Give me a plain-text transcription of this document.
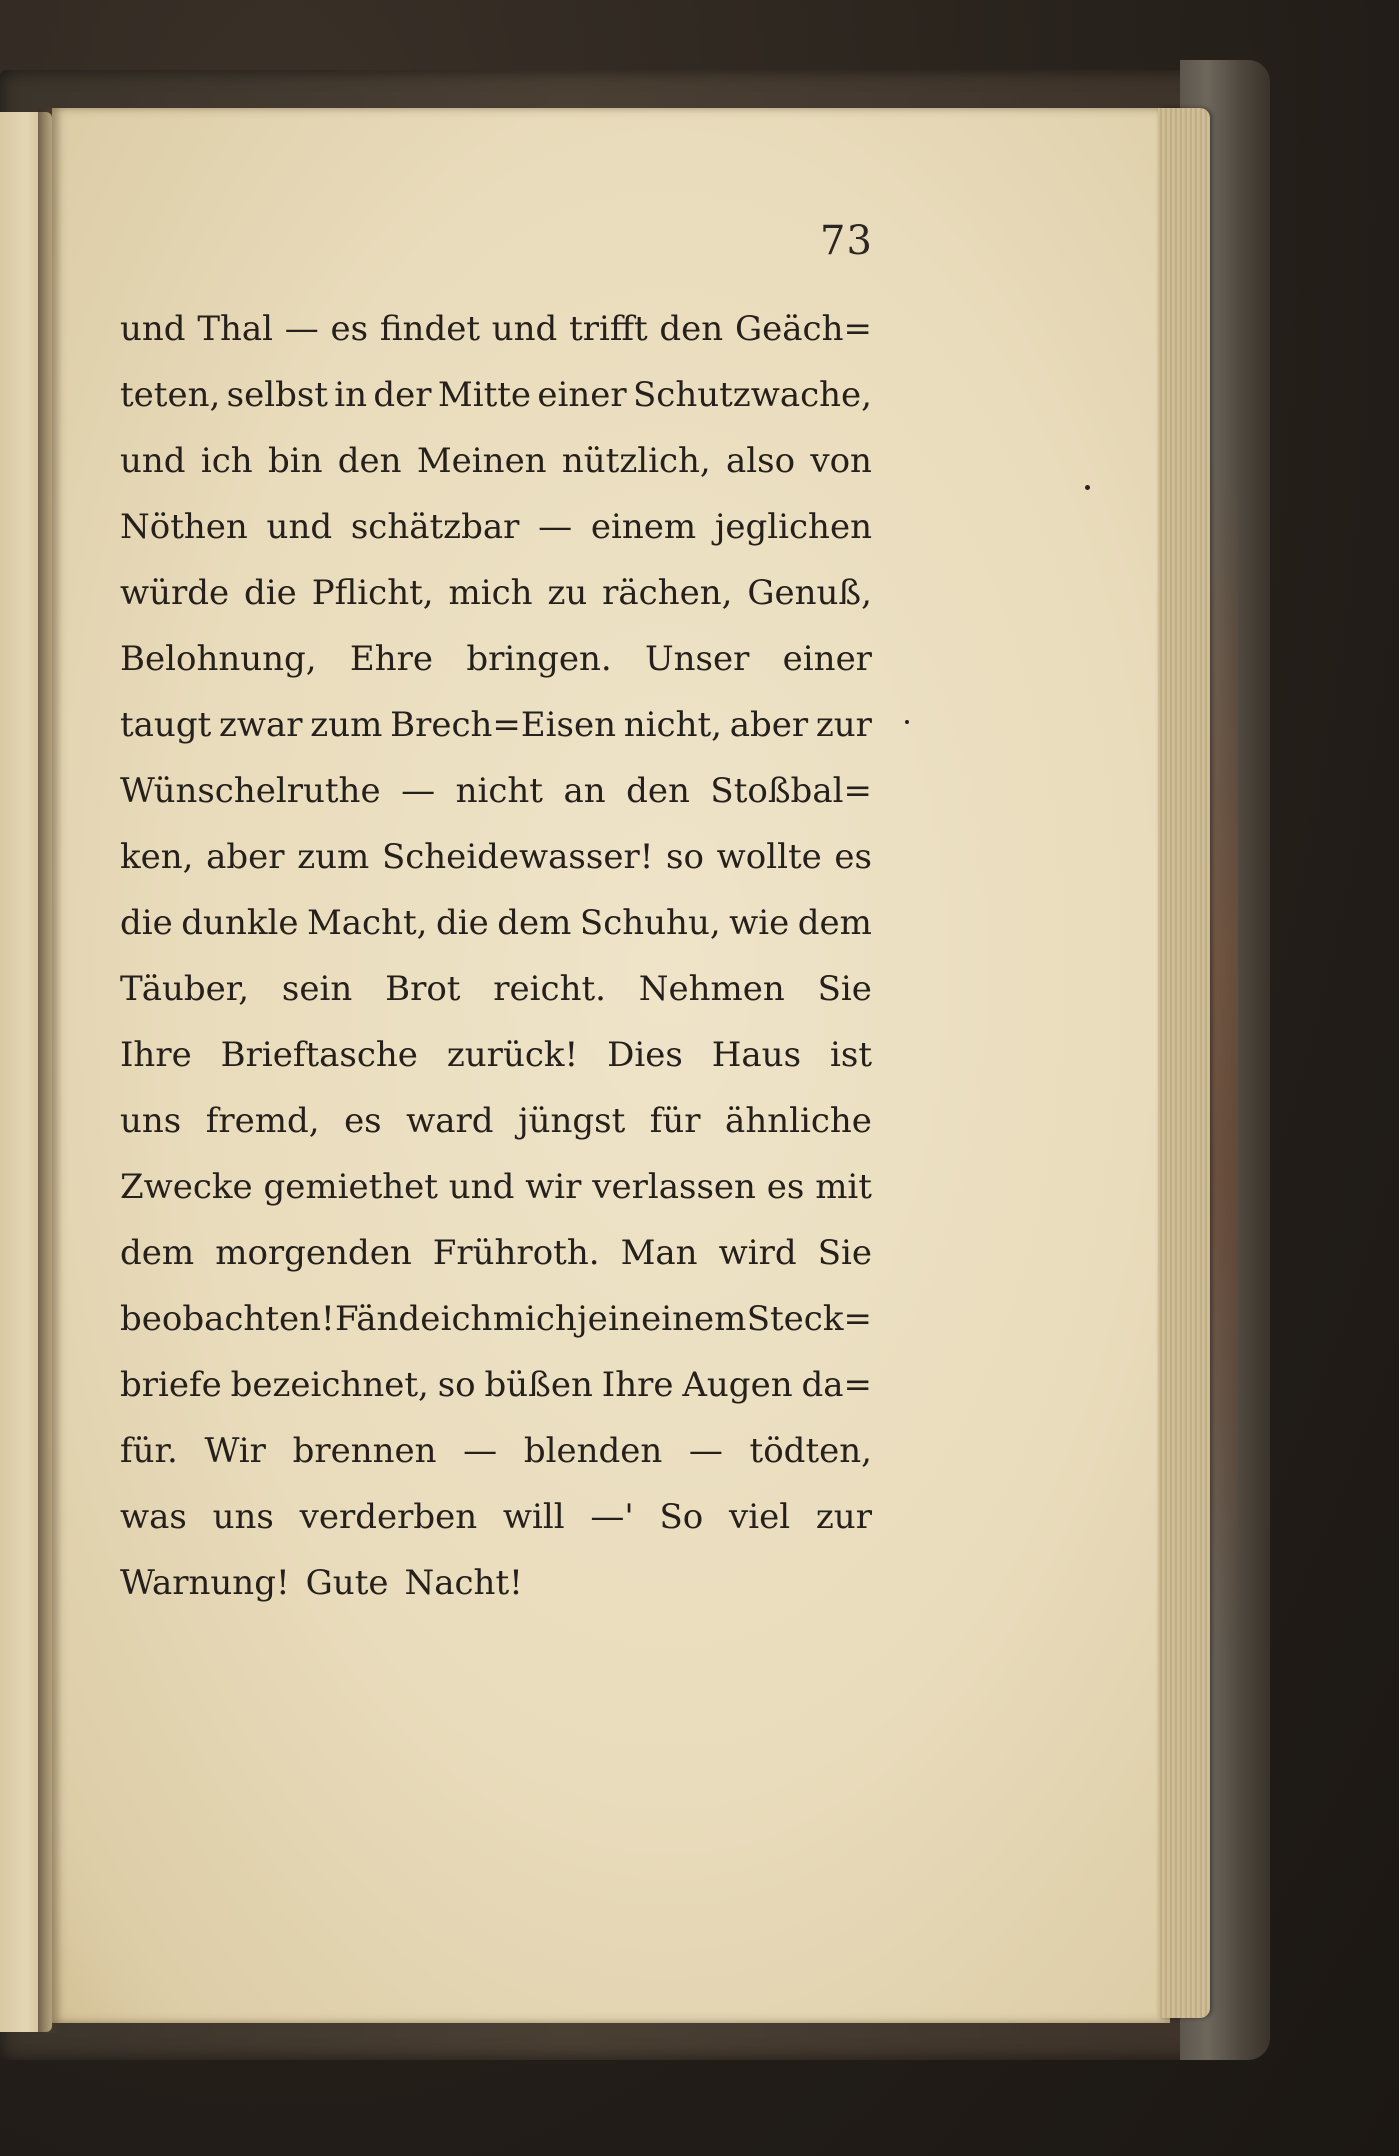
73
und Thal — es findet und trifft den Geäch=
teten, selbst in der Mitte einer Schutzwache,
und ich bin den Meinen nützlich, also von
Nöthen und schätzbar — einem jeglichen
würde die Pflicht, mich zu rächen, Genuß,
Belohnung, Ehre bringen. Unser einer
taugt zwar zum Brech=Eisen nicht, aber zur
Wünschelruthe — nicht an den Stoßbal=
ken, aber zum Scheidewasser! so wollte es
die dunkle Macht, die dem Schuhu, wie dem
Täuber, sein Brot reicht. Nehmen Sie
Ihre Brieftasche zurück! Dies Haus ist
uns fremd, es ward jüngst für ähnliche
Zwecke gemiethet und wir verlassen es mit
dem morgenden Frühroth. Man wird Sie
beobachten! Fände ich mich je in einem Steck=
briefe bezeichnet, so büßen Ihre Augen da=
für. Wir brennen — blenden — tödten,
was uns verderben will —' So viel zur
Warnung! Gute Nacht!
